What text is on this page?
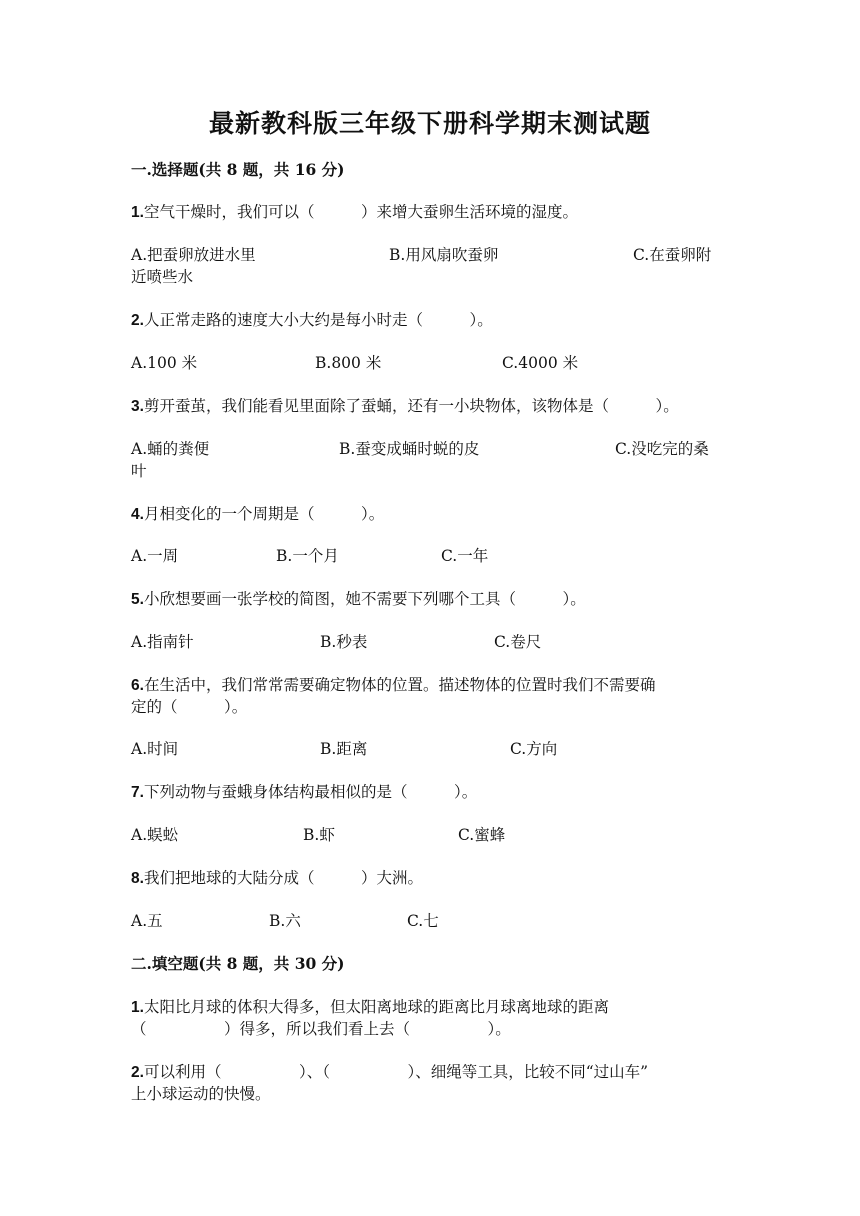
最新教科版三年级下册科学期末测试题
一.选择题(共 8 题，共 16 分)
1.空气干燥时，我们可以（　　　）来增大蚕卵生活环境的湿度。
A.把蚕卵放进水里	B.用风扇吹蚕卵	C.在蚕卵附
近喷些水
2.人正常走路的速度大小大约是每小时走（　　　）。
A.100 米	B.800 米	C.4000 米
3.剪开蚕茧，我们能看见里面除了蚕蛹，还有一小块物体，该物体是（　　　）。
A.蛹的粪便	B.蚕变成蛹时蜕的皮	C.没吃完的桑
叶
4.月相变化的一个周期是（　　　）。
A.一周	B.一个月	C.一年
5.小欣想要画一张学校的简图，她不需要下列哪个工具（　　　）。
A.指南针	B.秒表	C.卷尺
6.在生活中，我们常常需要确定物体的位置。描述物体的位置时我们不需要确
定的（　　　）。
A.时间	B.距离	C.方向
7.下列动物与蚕蛾身体结构最相似的是（　　　）。
A.蜈蚣	B.虾	C.蜜蜂
8.我们把地球的大陆分成（　　　）大洲。
A.五	B.六	C.七
二.填空题(共 8 题，共 30 分)
1.太阳比月球的体积大得多，但太阳离地球的距离比月球离地球的距离
（　　　　　）得多，所以我们看上去（　　　　　）。
2.可以利用（　　　　　）、（　　　　　）、细绳等工具，比较不同“过山车”
上小球运动的快慢。
